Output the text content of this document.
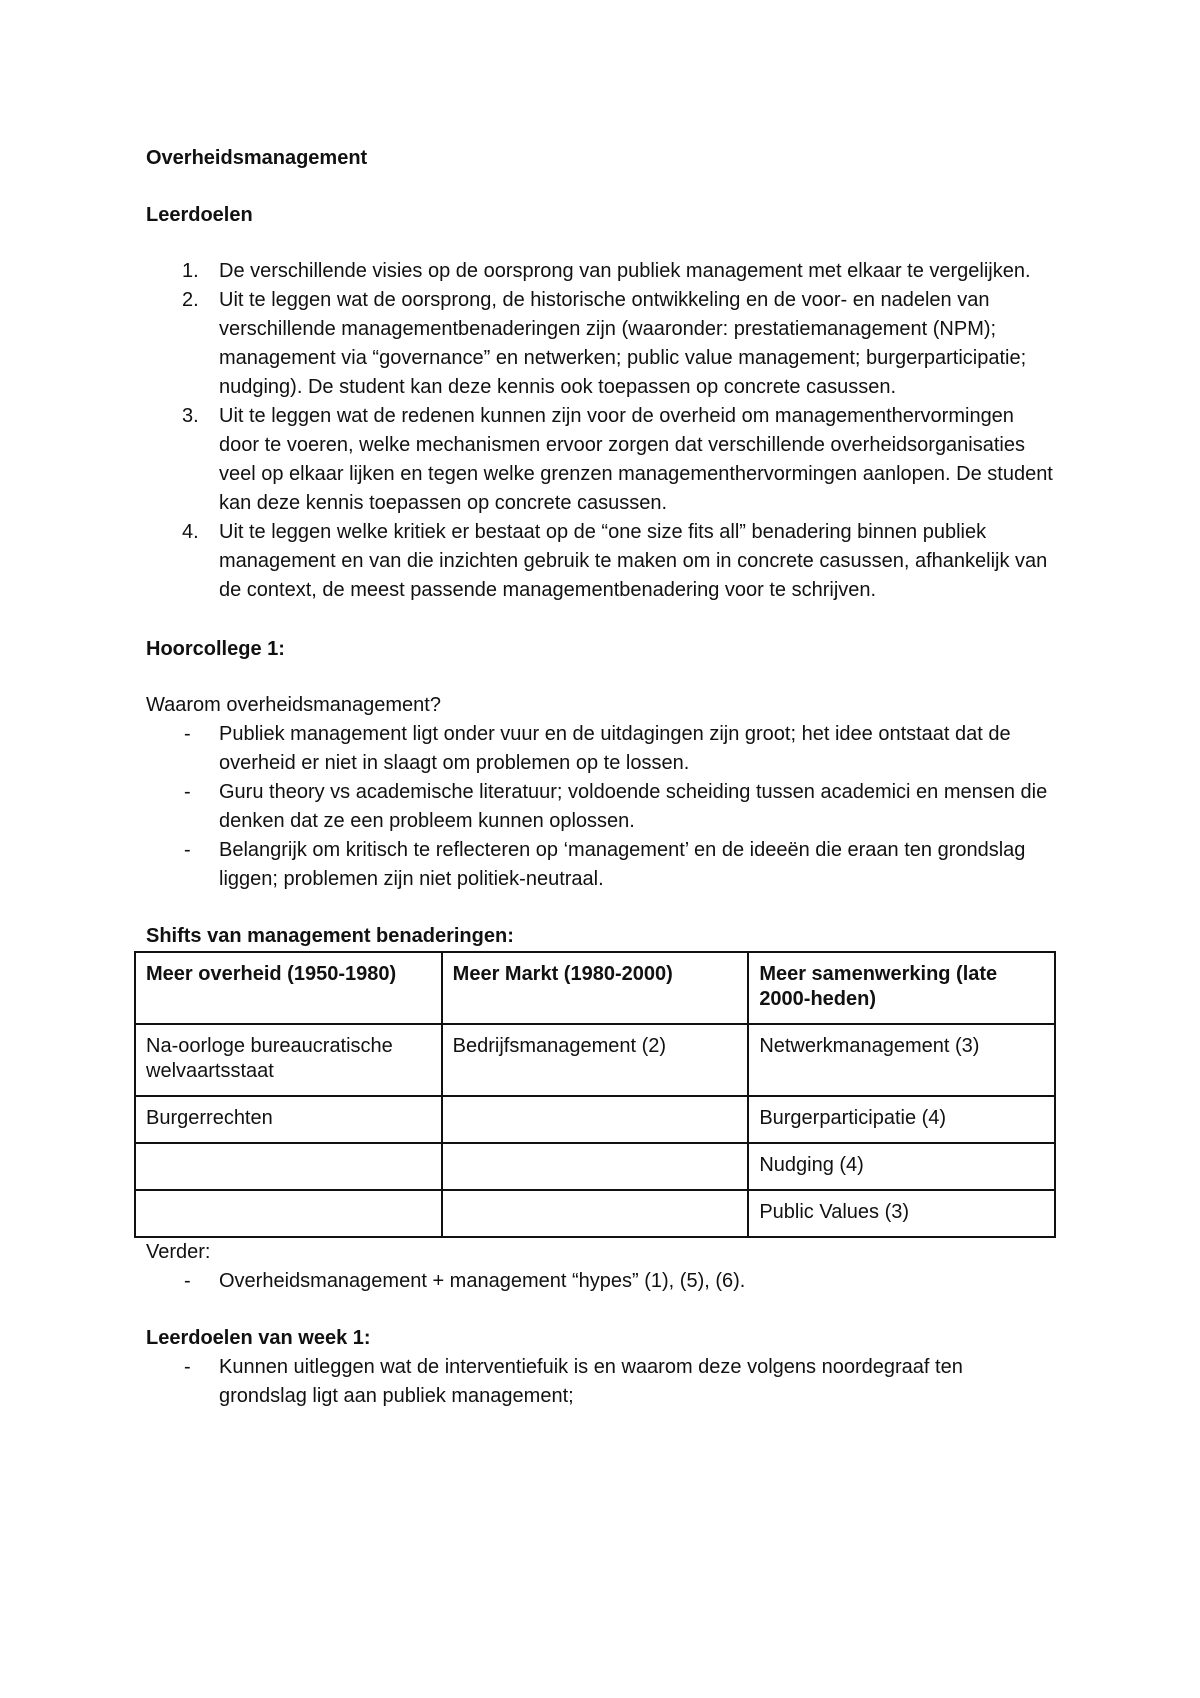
Overheidsmanagement

Leerdoelen

1. De verschillende visies op de oorsprong van publiek management met elkaar te vergelijken.
2. Uit te leggen wat de oorsprong, de historische ontwikkeling en de voor- en nadelen van verschillende managementbenaderingen zijn (waaronder: prestatiemanagement (NPM); management via “governance” en netwerken; public value management; burgerparticipatie; nudging). De student kan deze kennis ook toepassen op concrete casussen.
3. Uit te leggen wat de redenen kunnen zijn voor de overheid om managementhervormingen door te voeren, welke mechanismen ervoor zorgen dat verschillende overheidsorganisaties veel op elkaar lijken en tegen welke grenzen managementhervormingen aanlopen. De student kan deze kennis toepassen op concrete casussen.
4. Uit te leggen welke kritiek er bestaat op de “one size fits all” benadering binnen publiek management en van die inzichten gebruik te maken om in concrete casussen, afhankelijk van de context, de meest passende managementbenadering voor te schrijven.

Hoorcollege 1:

Waarom overheidsmanagement?

- Publiek management ligt onder vuur en de uitdagingen zijn groot; het idee ontstaat dat de overheid er niet in slaagt om problemen op te lossen.
- Guru theory vs academische literatuur; voldoende scheiding tussen academici en mensen die denken dat ze een probleem kunnen oplossen.
- Belangrijk om kritisch te reflecteren op ‘management’ en de ideeën die eraan ten grondslag liggen; problemen zijn niet politiek-neutraal.

Shifts van management benaderingen:

Meer overheid (1950-1980)	Meer Markt (1980-2000)	Meer samenwerking (late 2000-heden)
Na-oorloge bureaucratische welvaartsstaat	Bedrijfsmanagement (2)	Netwerkmanagement (3)
Burgerrechten		Burgerparticipatie (4)
		Nudging (4)
		Public Values (3)

Verder:

- Overheidsmanagement + management “hypes” (1), (5), (6).

Leerdoelen van week 1:

- Kunnen uitleggen wat de interventiefuik is en waarom deze volgens noordegraaf ten grondslag ligt aan publiek management;
